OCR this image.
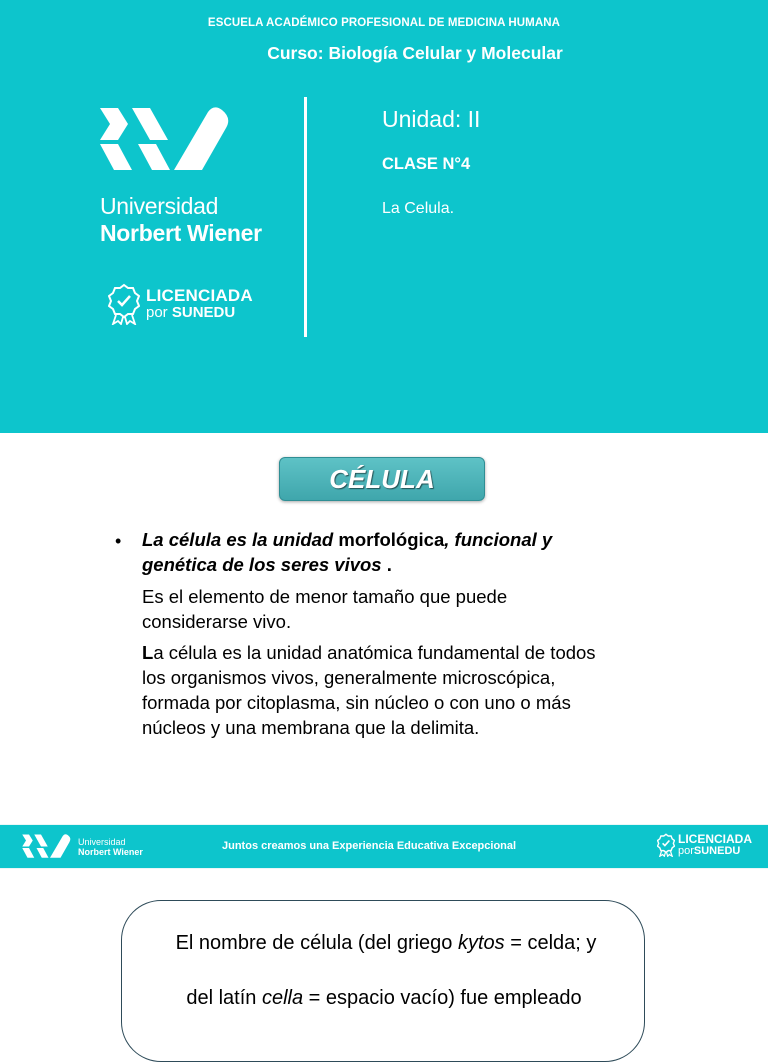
ESCUELA ACADÉMICO PROFESIONAL DE MEDICINA HUMANA
Curso: Biología Celular y Molecular
Universidad
Norbert Wiener
LICENCIADA
por SUNEDU
Unidad: II
CLASE N°4
La Celula.
CÉLULA
• La célula es la unidad morfológica, funcional y genética de los seres vivos .
Es el elemento de menor tamaño que puede considerarse vivo.
La célula es la unidad anatómica fundamental de todos los organismos vivos, generalmente microscópica, formada por citoplasma, sin núcleo o con uno o más núcleos y una membrana que la delimita.
Universidad
Norbert Wiener	Juntos creamos una Experiencia Educativa Excepcional	LICENCIADA
porSUNEDU
El nombre de célula (del griego kytos = celda; y
del latín cella = espacio vacío) fue empleado
